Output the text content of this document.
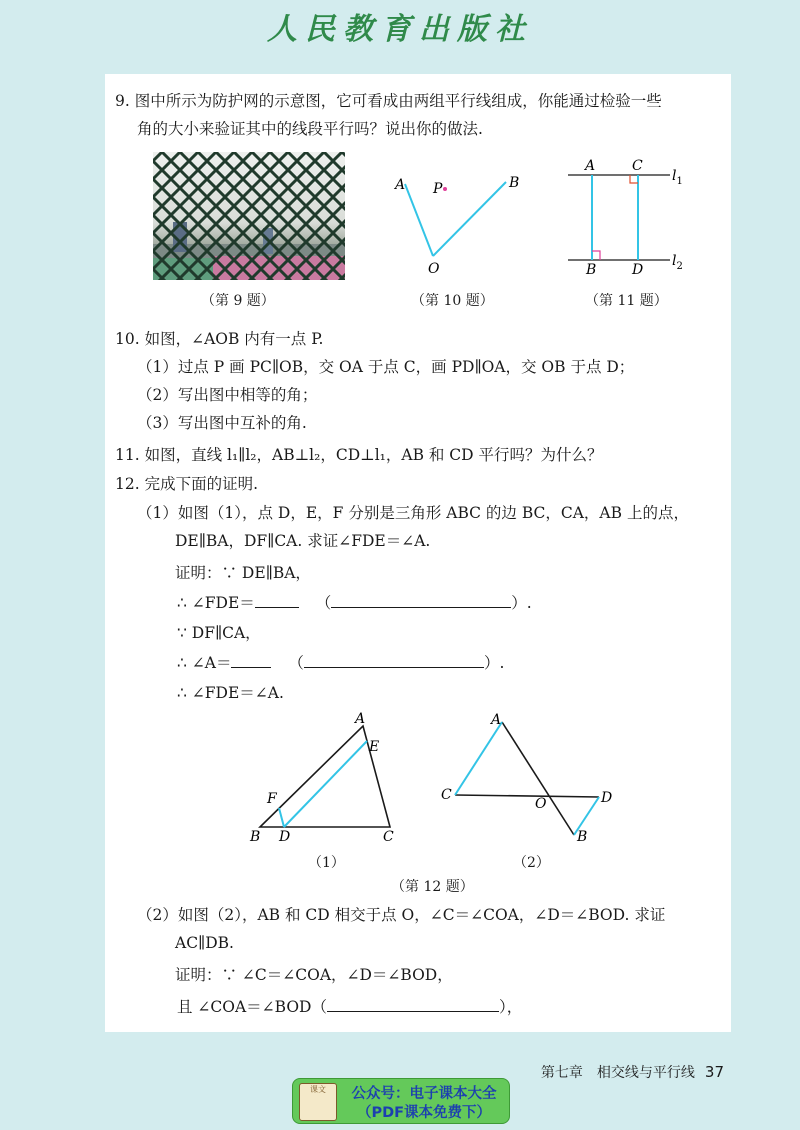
人民教育出版社
9. 图中所示为防护网的示意图，它可看成由两组平行线组成，你能通过检验一些
角的大小来验证其中的线段平行吗？说出你的做法.
A	B
O
P
A	C
B	D
$l_1$
$l_2$
（第 9 题）	（第 10 题）	（第 11 题）
10. 如图，∠AOB 内有一点 P.
（1）过点 P 画 PC∥OB，交 OA 于点 C，画 PD∥OA，交 OB 于点 D；
（2）写出图中相等的角；
（3）写出图中互补的角.
11. 如图，直线 l₁∥l₂，AB⊥l₂，CD⊥l₁，AB 和 CD 平行吗？为什么？
12. 完成下面的证明.
（1）如图（1），点 D，E，F 分别是三角形 ABC 的边 BC，CA，AB 上的点，
DE∥BA，DF∥CA. 求证∠FDE＝∠A.
证明：∵ DE∥BA，
∴ ∠FDE＝	（	）.
∵ DF∥CA，
∴ ∠A＝	（	）.
∴ ∠FDE＝∠A.
A
E
F
B D	C
A
C
O	D
B
（1）	（2）
（第 12 题）
（2）如图（2），AB 和 CD 相交于点 O，∠C＝∠COA，∠D＝∠BOD. 求证
AC∥DB.
证明：∵ ∠C＝∠COA，∠D＝∠BOD，
且 ∠COA＝∠BOD（	），
第七章　相交线与平行线 37
课文	公众号：电子课本大全
（PDF课本免费下）
